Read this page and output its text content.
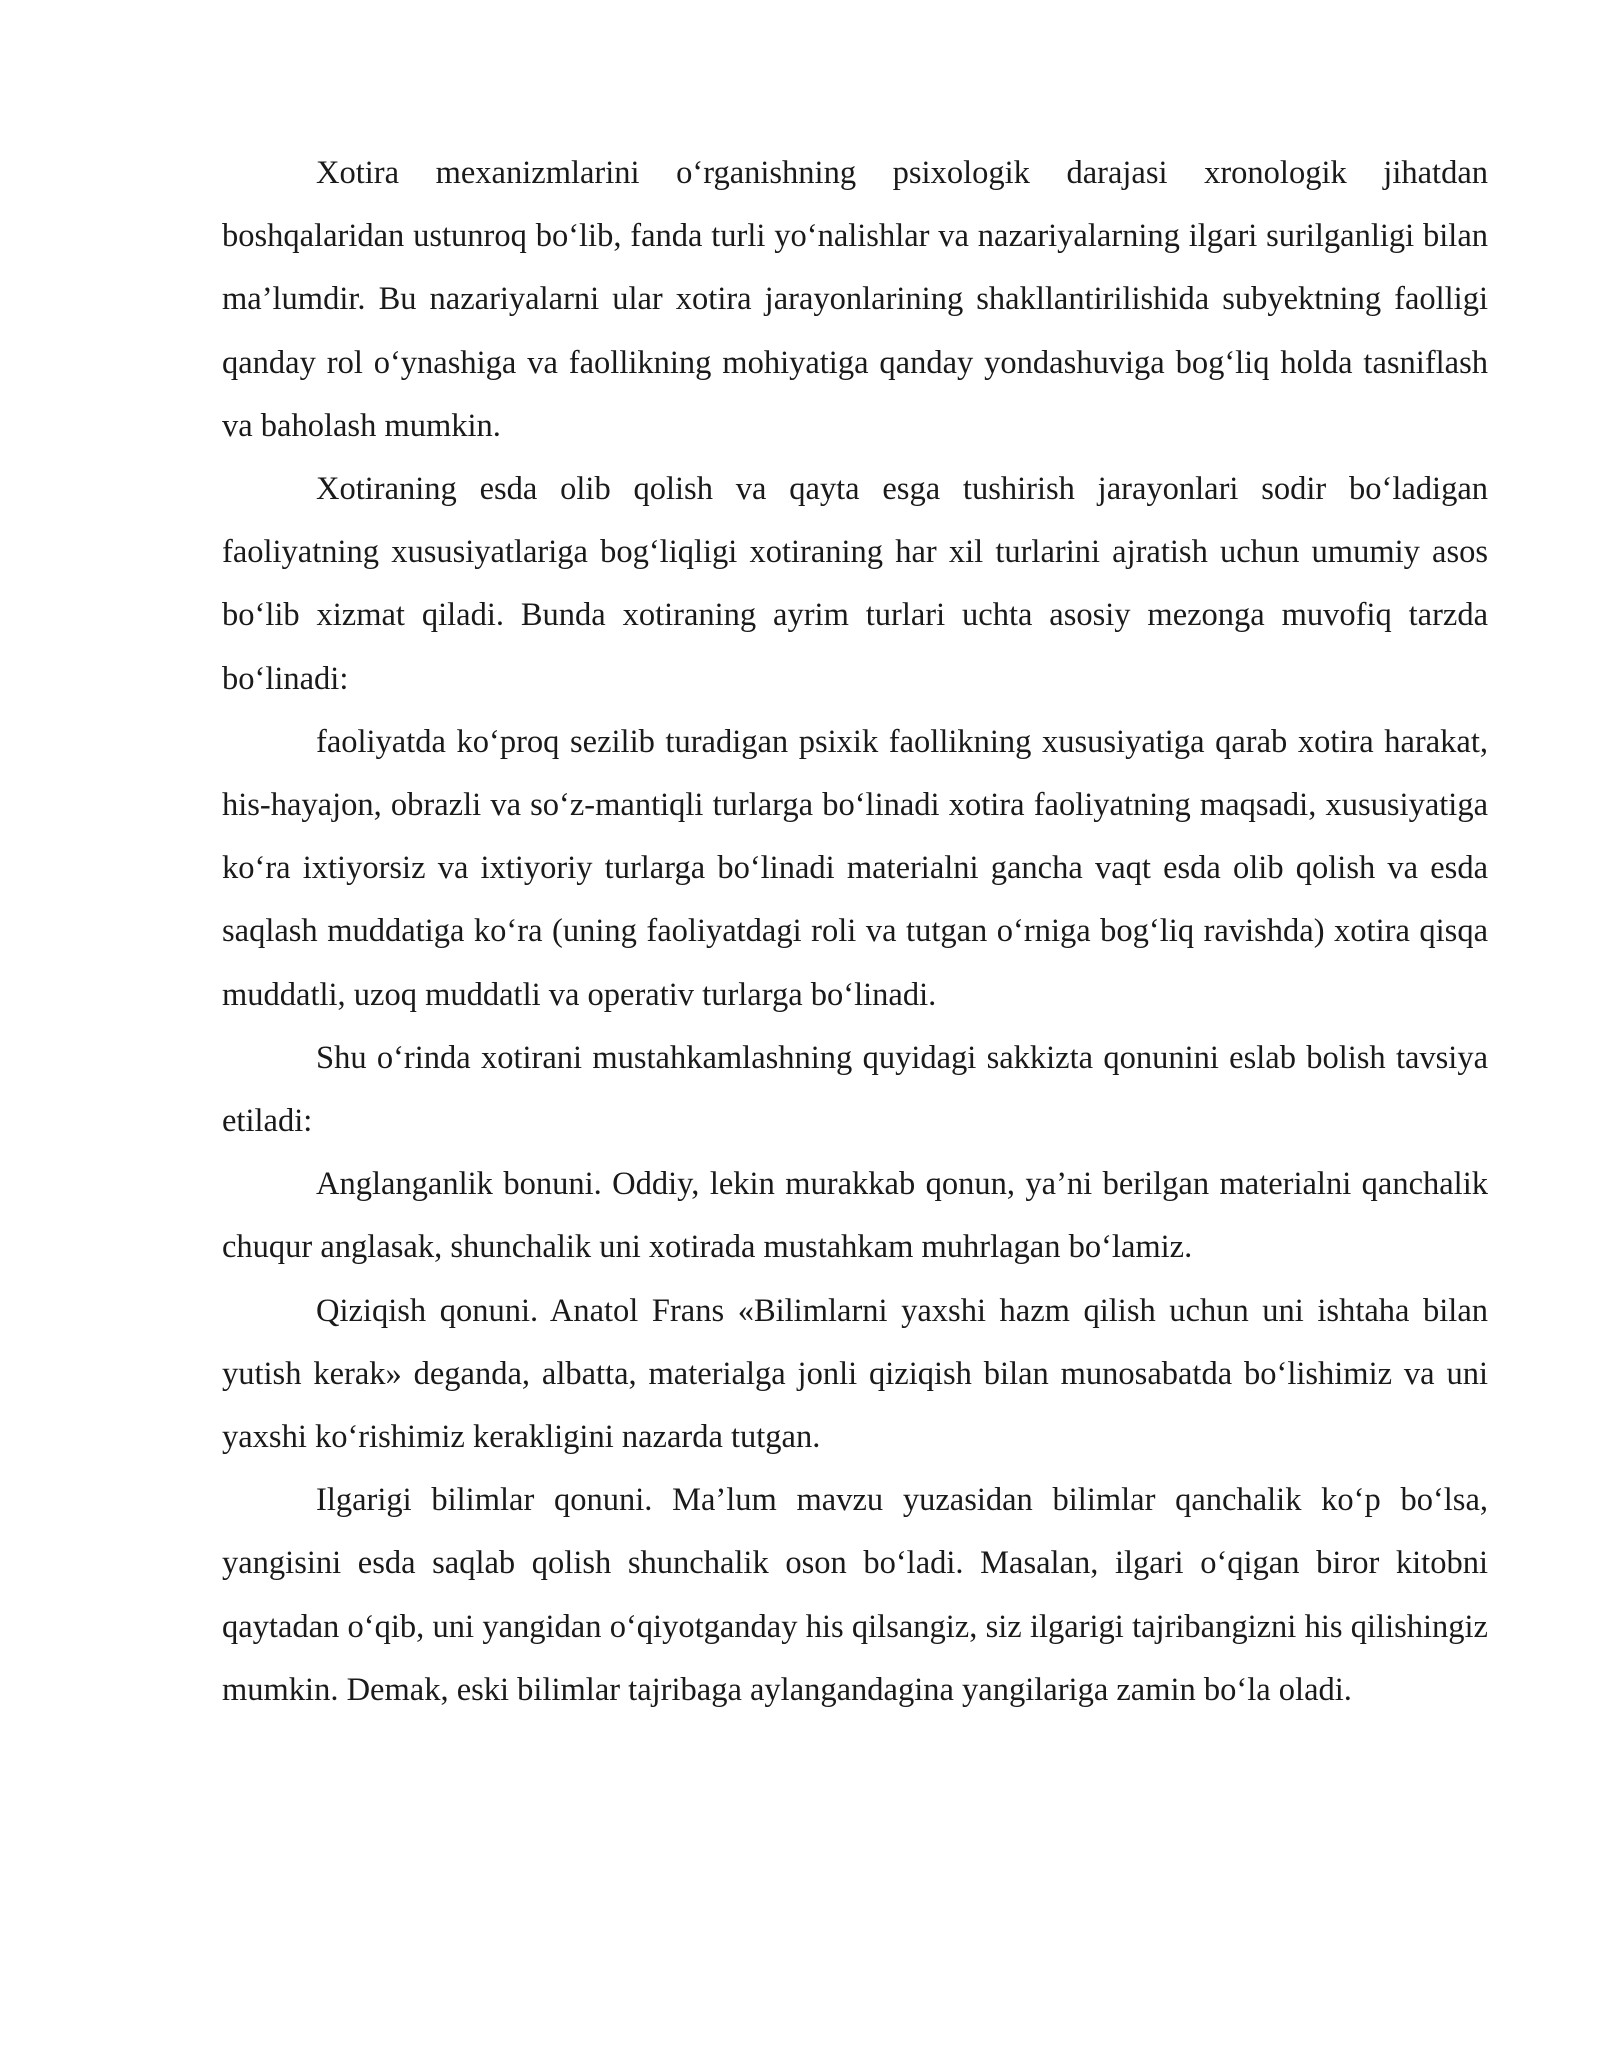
Xotira mexanizmlarini o‘rganishning psixologik darajasi xronologik jihatdan boshqalaridan ustunroq bo‘lib, fanda turli yo‘nalishlar va nazariyalarning ilgari surilganligi bilan ma’lumdir. Bu nazariyalarni ular xotira jarayonlarining shakllantirilishida subyektning faolligi qanday rol o‘ynashiga va faollikning mohiyatiga qanday yondashuviga bog‘liq holda tasniflash va baholash mumkin.

Xotiraning esda olib qolish va qayta esga tushirish jarayonlari sodir bo‘ladigan faoliyatning xususiyatlariga bog‘liqligi xotiraning har xil turlarini ajratish uchun umumiy asos bo‘lib xizmat qiladi. Bunda xotiraning ayrim turlari uchta asosiy mezonga muvofiq tarzda bo‘linadi:

faoliyatda ko‘proq sezilib turadigan psixik faollikning xususiyatiga qarab xotira harakat, his-hayajon, obrazli va so‘z-mantiqli turlarga bo‘linadi xotira faoliyatning maqsadi, xususiyatiga ko‘ra ixtiyorsiz va ixtiyoriy turlarga bo‘linadi materialni gancha vaqt esda olib qolish va esda saqlash muddatiga ko‘ra (uning faoliyatdagi roli va tutgan o‘rniga bog‘liq ravishda) xotira qisqa muddatli, uzoq muddatli va operativ turlarga bo‘linadi.

Shu o‘rinda xotirani mustahkamlashning quyidagi sakkizta qonunini eslab bolish tavsiya etiladi:

Anglanganlik bonuni. Oddiy, lekin murakkab qonun, ya’ni berilgan materialni qanchalik chuqur anglasak, shunchalik uni xotirada mustahkam muhrlagan bo‘lamiz.

Qiziqish qonuni. Anatol Frans «Bilimlarni yaxshi hazm qilish uchun uni ishtaha bilan yutish kerak» deganda, albatta, materialga jonli qiziqish bilan munosabatda bo‘lishimiz va uni yaxshi ko‘rishimiz kerakligini nazarda tutgan.

Ilgarigi bilimlar qonuni. Ma’lum mavzu yuzasidan bilimlar qanchalik ko‘p bo‘lsa, yangisini esda saqlab qolish shunchalik oson bo‘ladi. Masalan, ilgari o‘qigan biror kitobni qaytadan o‘qib, uni yangidan o‘qiyotganday his qilsangiz, siz ilgarigi tajribangizni his qilishingiz mumkin. Demak, eski bilimlar tajribaga aylangandagina yangilariga zamin bo‘la oladi.
